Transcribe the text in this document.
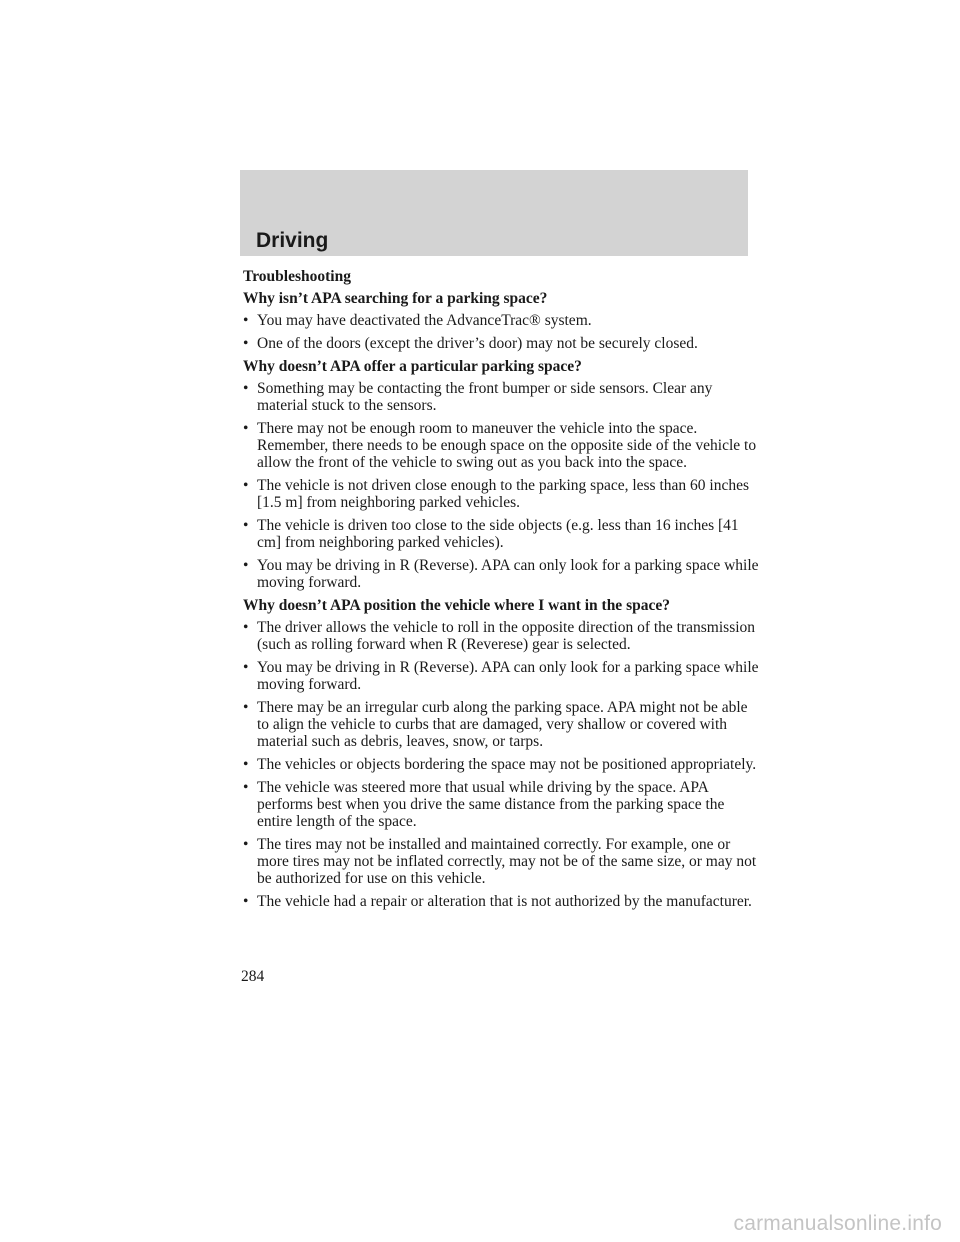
Driving
Troubleshooting
Why isn’t APA searching for a parking space?
• You may have deactivated the AdvanceTrac® system.
• One of the doors (except the driver’s door) may not be securely closed.
Why doesn’t APA offer a particular parking space?
• Something may be contacting the front bumper or side sensors. Clear any material stuck to the sensors.
• There may not be enough room to maneuver the vehicle into the space. Remember, there needs to be enough space on the opposite side of the vehicle to allow the front of the vehicle to swing out as you back into the space.
• The vehicle is not driven close enough to the parking space, less than 60 inches [1.5 m] from neighboring parked vehicles.
• The vehicle is driven too close to the side objects (e.g. less than 16 inches [41 cm] from neighboring parked vehicles).
• You may be driving in R (Reverse). APA can only look for a parking space while moving forward.
Why doesn’t APA position the vehicle where I want in the space?
• The driver allows the vehicle to roll in the opposite direction of the transmission (such as rolling forward when R (Reverese) gear is selected.
• You may be driving in R (Reverse). APA can only look for a parking space while moving forward.
• There may be an irregular curb along the parking space. APA might not be able to align the vehicle to curbs that are damaged, very shallow or covered with material such as debris, leaves, snow, or tarps.
• The vehicles or objects bordering the space may not be positioned appropriately.
• The vehicle was steered more that usual while driving by the space. APA performs best when you drive the same distance from the parking space the entire length of the space.
• The tires may not be installed and maintained correctly. For example, one or more tires may not be inflated correctly, may not be of the same size, or may not be authorized for use on this vehicle.
• The vehicle had a repair or alteration that is not authorized by the manufacturer.
284
carmanualsonline.info
